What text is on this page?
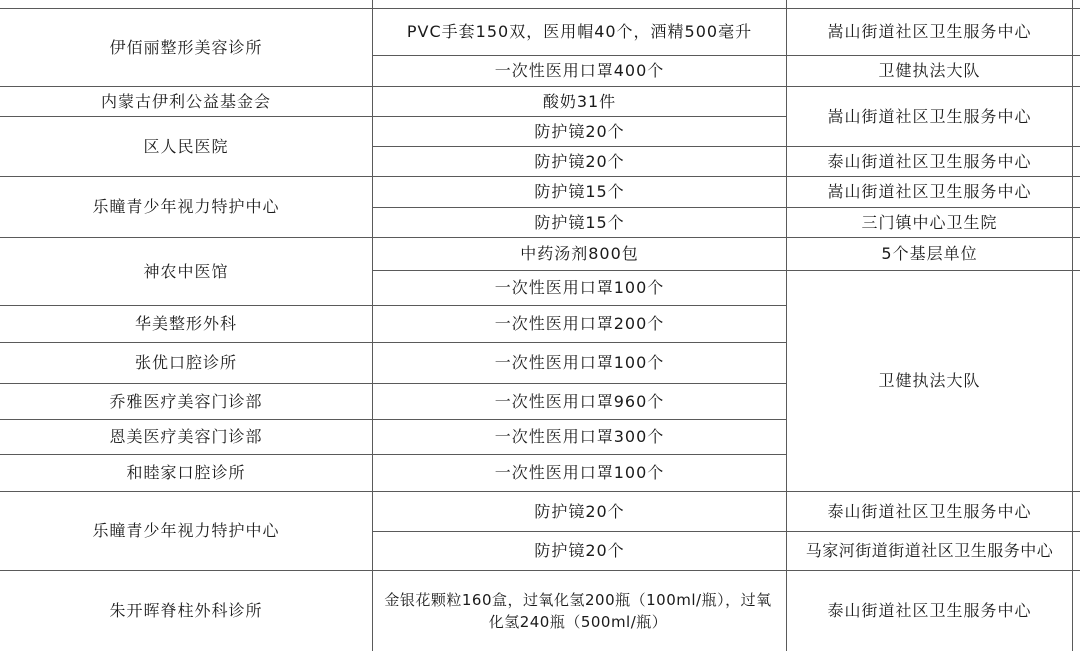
伊佰丽整形美容诊所
内蒙古伊利公益基金会
区人民医院
乐瞳青少年视力特护中心
神农中医馆
华美整形外科
张优口腔诊所
乔雅医疗美容门诊部
恩美医疗美容门诊部
和睦家口腔诊所
乐瞳青少年视力特护中心
朱开晖脊柱外科诊所
PVC手套150双，医用帽40个，酒精500毫升
一次性医用口罩400个
酸奶31件
防护镜20个
防护镜20个
防护镜15个
防护镜15个
中药汤剂800包
一次性医用口罩100个
一次性医用口罩200个
一次性医用口罩100个
一次性医用口罩960个
一次性医用口罩300个
一次性医用口罩100个
防护镜20个
防护镜20个
金银花颗粒160盒，过氧化氢200瓶（100ml/瓶），过氧化氢240瓶（500ml/瓶）
嵩山街道社区卫生服务中心
卫健执法大队
嵩山街道社区卫生服务中心
泰山街道社区卫生服务中心
嵩山街道社区卫生服务中心
三门镇中心卫生院
5个基层单位
卫健执法大队
泰山街道社区卫生服务中心
马家河街道街道社区卫生服务中心
泰山街道社区卫生服务中心
